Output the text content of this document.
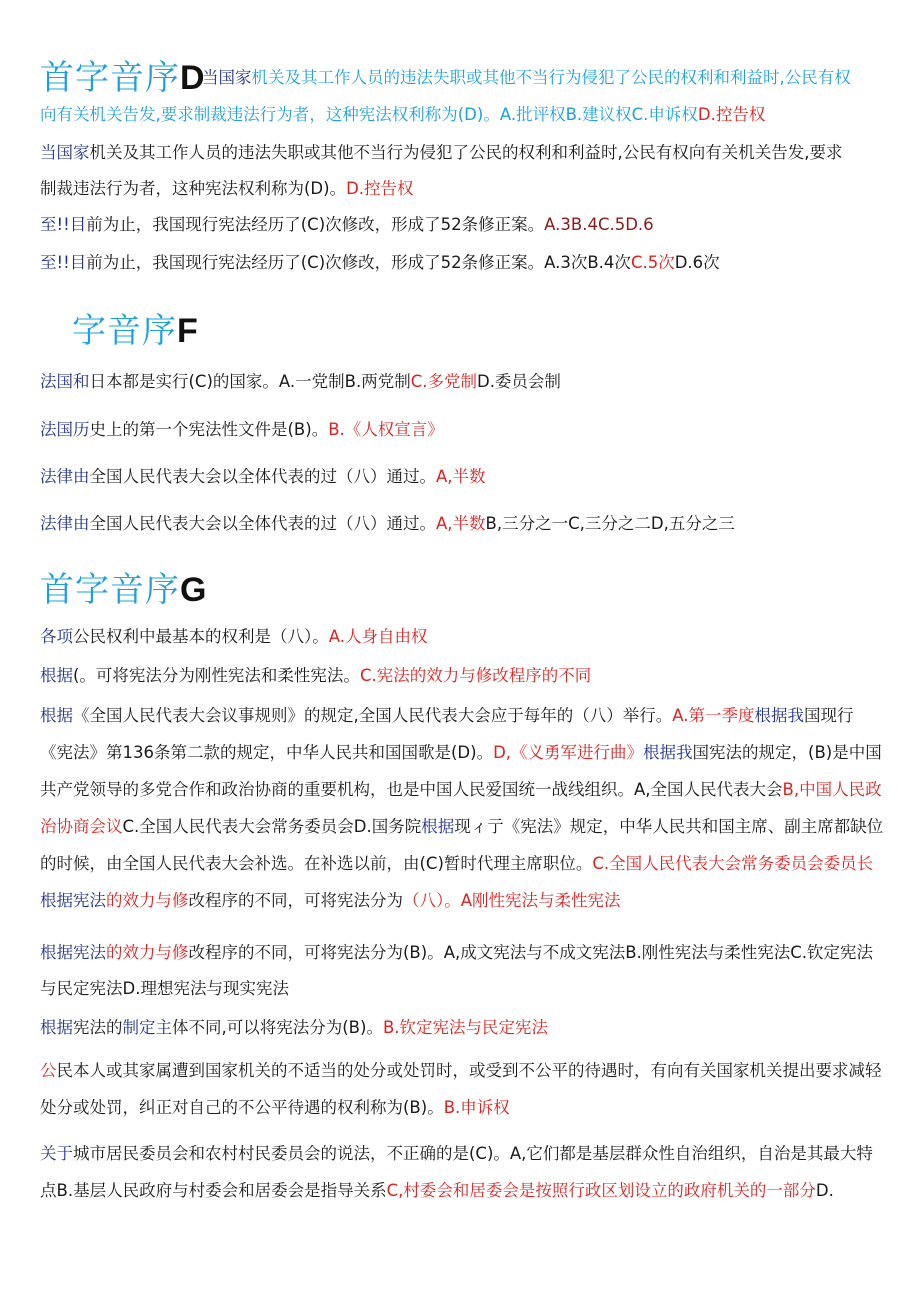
首字音序D
当国家机关及其工作人员的违法失职或其他不当行为侵犯了公民的权利和利益时,公民有权
向有关机关告发,要求制裁违法行为者，这种宪法权利称为(D)。A.批评权B.建议权C.申诉权D.控告权
当国家机关及其工作人员的违法失职或其他不当行为侵犯了公民的权利和利益时,公民有权向有关机关告发,要求
制裁违法行为者，这种宪法权利称为(D)。D.控告权
至!!目前为止，我国现行宪法经历了(C)次修改，形成了52条修正案。A.3B.4C.5D.6
至!!目前为止，我国现行宪法经历了(C)次修改，形成了52条修正案。A.3次B.4次C.5次D.6次
字音序F
法国和日本都是实行(C)的国家。A.一党制B.两党制C.多党制D.委员会制
法国历史上的第一个宪法性文件是(B)。B.《人权宣言》
法律由全国人民代表大会以全体代表的过（八）通过。A,半数
法律由全国人民代表大会以全体代表的过（八）通过。A,半数B,三分之一C,三分之二D,五分之三
首字音序G
各项公民权利中最基本的权利是（八）。A.人身自由权
根据(。可将宪法分为刚性宪法和柔性宪法。C.宪法的效力与修改程序的不同
根据《全国人民代表大会议事规则》的规定,全国人民代表大会应于每年的（八）举行。A.第一季度根据我国现行《宪法》第136条第二款的规定，中华人民共和国国歌是(D)。D,《义勇军进行曲》根据我国宪法的规定，(B)是中国共产党领导的多党合作和政治协商的重要机构，也是中国人民爱国统一战线组织。A,全国人民代表大会B,中国人民政治协商会议C.全国人民代表大会常务委员会D.国务院根据现ィ亍《宪法》规定，中华人民共和国主席、副主席都缺位的时候，由全国人民代表大会补选。在补选以前，由(C)暂时代理主席职位。C.全国人民代表大会常务委员会委员长根据宪法的效力与修改程序的不同，可将宪法分为（八）。A刚性宪法与柔性宪法
根据宪法的效力与修改程序的不同，可将宪法分为(B)。A,成文宪法与不成文宪法B.刚性宪法与柔性宪法C.钦定宪法与民定宪法D.理想宪法与现实宪法
根据宪法的制定主体不同,可以将宪法分为(B)。B.钦定宪法与民定宪法
公民本人或其家属遭到国家机关的不适当的处分或处罚时，或受到不公平的待遇时，有向有关国家机关提出要求减轻处分或处罚，纠正对自己的不公平待遇的权利称为(B)。B.申诉权
关于城市居民委员会和农村村民委员会的说法，不正确的是(C)。A,它们都是基层群众性自治组织，自治是其最大特点B.基层人民政府与村委会和居委会是指导关系C,村委会和居委会是按照行政区划设立的政府机关的一部分D.
